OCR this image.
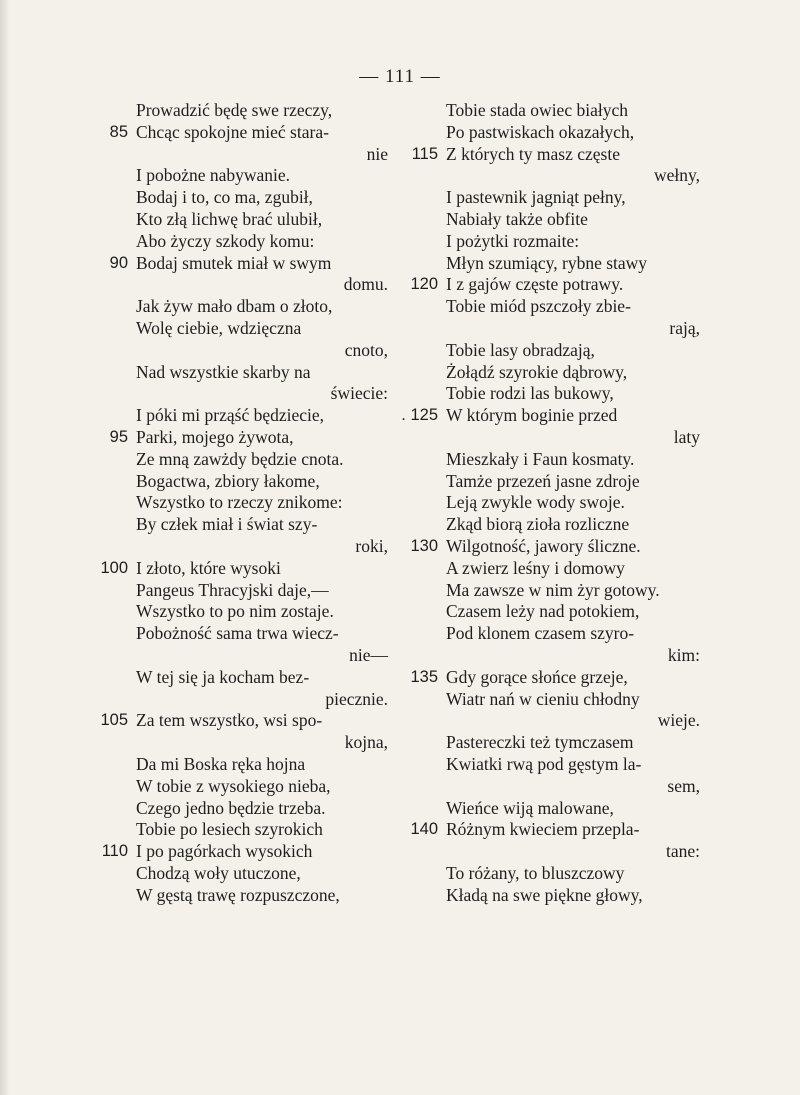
— 111 —
Prowadzić będę swe rzeczy,
85 Chcąc spokojne mieć stara-
nie
I pobożne nabywanie.
Bodaj i to, co ma, zgubił,
Kto złą lichwę brać ulubił,
Abo życzy szkody komu:
90 Bodaj smutek miał w swym
domu.
Jak żyw mało dbam o złoto,
Wolę ciebie, wdzięczna
cnoto,
Nad wszystkie skarby na
świecie:
I póki mi prząść będziecie,
95 Parki, mojego żywota,
Ze mną zawżdy będzie cnota.
Bogactwa, zbiory łakome,
Wszystko to rzeczy znikome:
By człek miał i świat szy-
roki,
100 I złoto, które wysoki
Pangeus Thracyjski daje,—
Wszystko to po nim zostaje.
Pobożność sama trwa wiecz-
nie—
W tej się ja kocham bez-
piecznie.
105 Za tem wszystko, wsi spo-
kojna,
Da mi Boska ręka hojna
W tobie z wysokiego nieba,
Czego jedno będzie trzeba.
Tobie po lesiech szyrokich
110 I po pagórkach wysokich
Chodzą woły utuczone,
W gęstą trawę rozpuszczone,
Tobie stada owiec białych
Po pastwiskach okazałych,
115 Z których ty masz częste
wełny,
I pastewnik jagniąt pełny,
Nabiały także obfite
I pożytki rozmaite:
Młyn szumiący, rybne stawy
120 I z gajów częste potrawy.
Tobie miód pszczoły zbie-
rają,
Tobie lasy obradzają,
Żołądź szyrokie dąbrowy,
Tobie rodzi las bukowy,
. 125 W którym boginie przed
laty
Mieszkały i Faun kosmaty.
Tamże przezeń jasne zdroje
Leją zwykle wody swoje.
Zkąd biorą zioła rozliczne
130 Wilgotność, jawory śliczne.
A zwierz leśny i domowy
Ma zawsze w nim żyr gotowy.
Czasem leży nad potokiem,
Pod klonem czasem szyro-
kim:
135 Gdy gorące słońce grzeje,
Wiatr nań w cieniu chłodny
wieje.
Pastereczki też tymczasem
Kwiatki rwą pod gęstym la-
sem,
Wieńce wiją malowane,
140 Różnym kwieciem przepla-
tane:
To różany, to bluszczowy
Kładą na swe piękne głowy,
